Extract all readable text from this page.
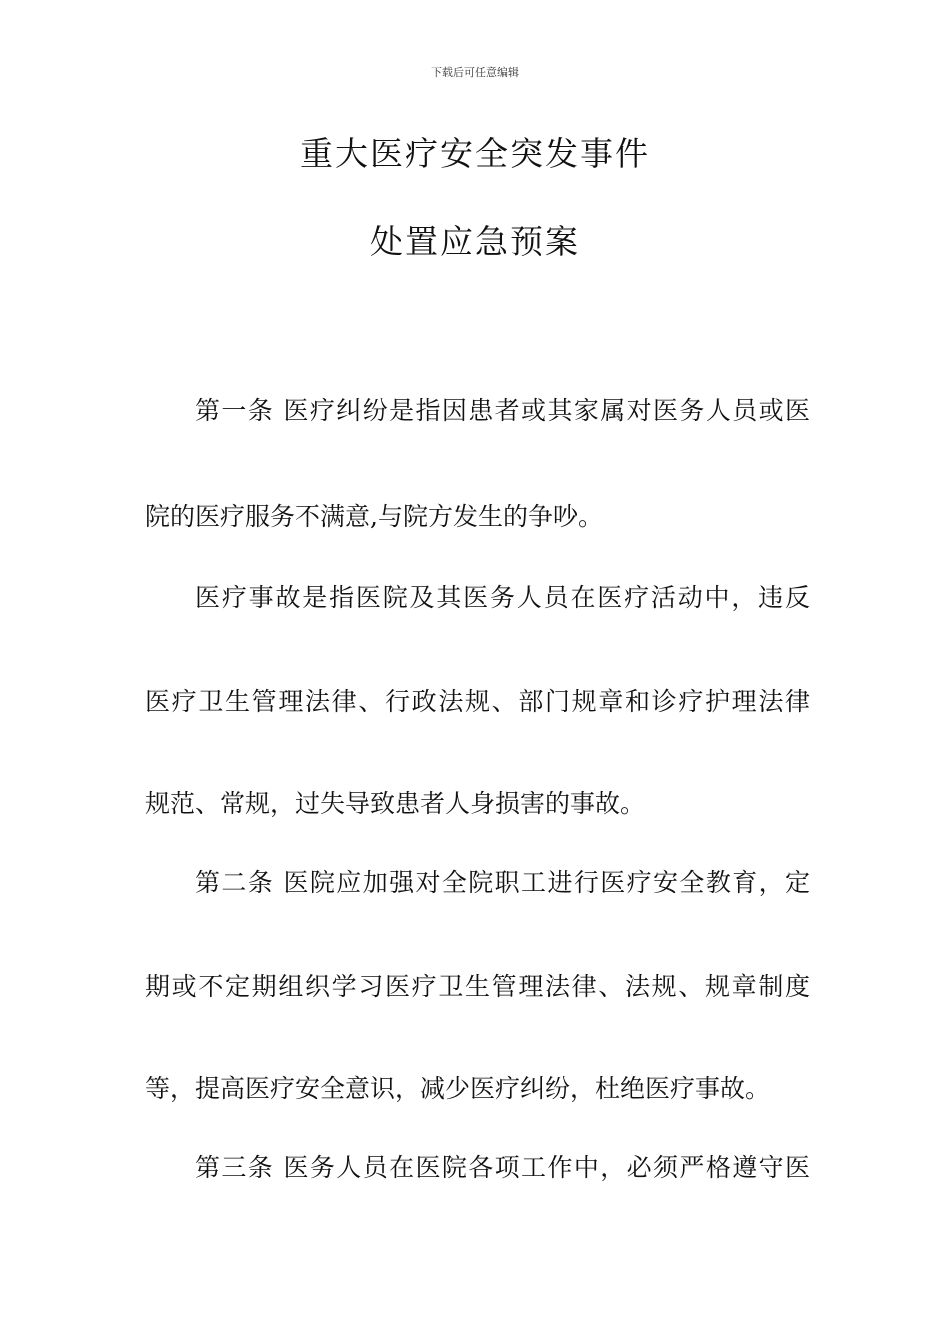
下载后可任意编辑
重大医疗安全突发事件
处置应急预案
第一条 医疗纠纷是指因患者或其家属对医务人员或医
院的医疗服务不满意,与院方发生的争吵。
医疗事故是指医院及其医务人员在医疗活动中，违反
医疗卫生管理法律、行政法规、部门规章和诊疗护理法律
规范、常规，过失导致患者人身损害的事故。
第二条 医院应加强对全院职工进行医疗安全教育，定
期或不定期组织学习医疗卫生管理法律、法规、规章制度
等，提高医疗安全意识，减少医疗纠纷，杜绝医疗事故。
第三条 医务人员在医院各项工作中，必须严格遵守医
